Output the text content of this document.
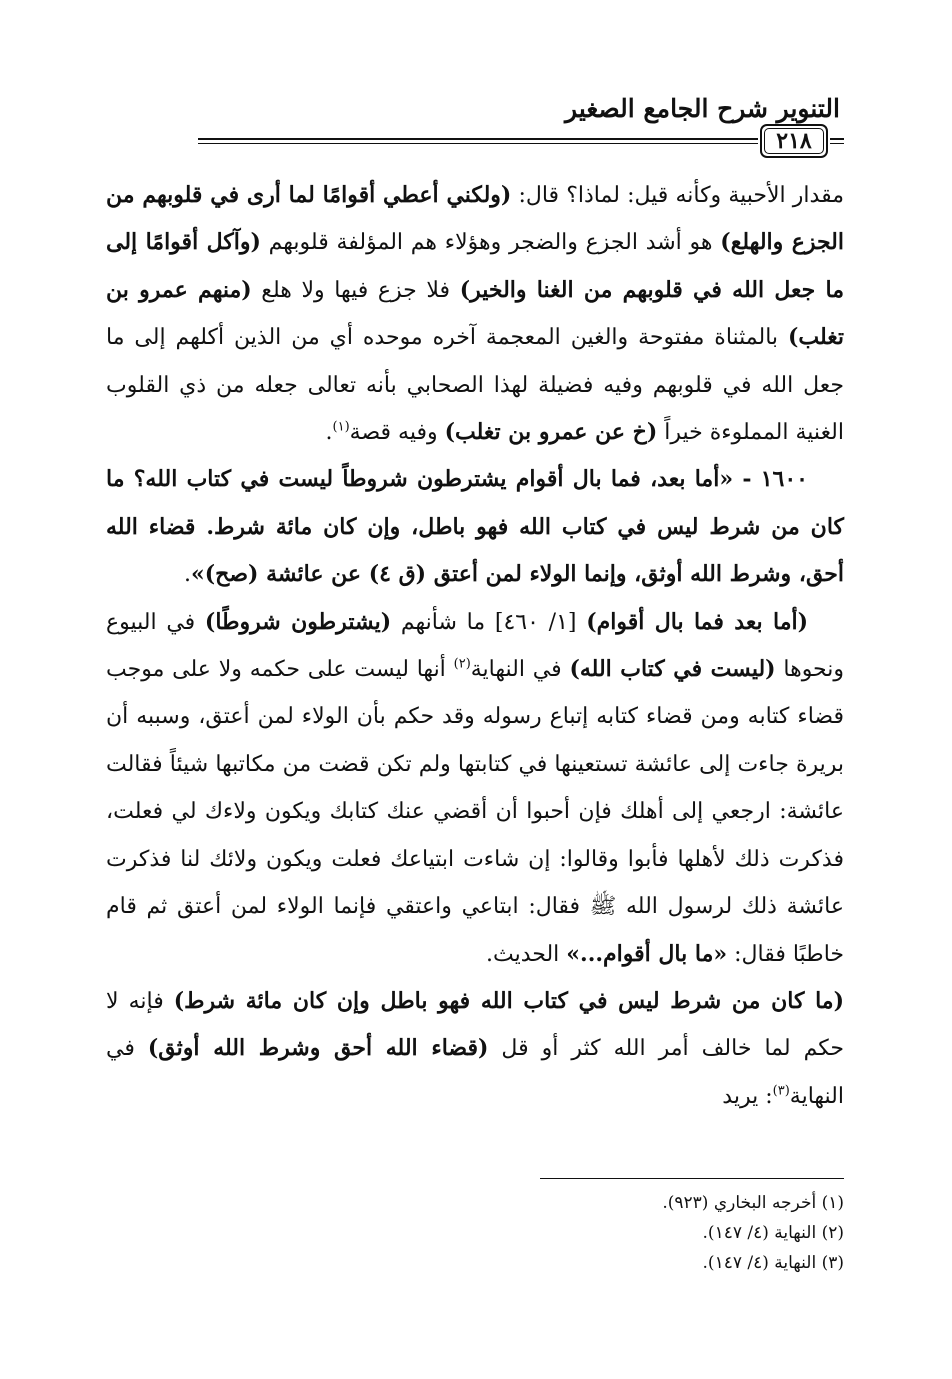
التنوير شرح الجامع الصغير
٢١٨

مقدار الأحبية وكأنه قيل: لماذا؟ قال: (ولكني أعطي أقوامًا لما أرى في قلوبهم من الجزع والهلع) هو أشد الجزع والضجر وهؤلاء هم المؤلفة قلوبهم (وآكل أقوامًا إلى ما جعل الله في قلوبهم من الغنا والخير) فلا جزع فيها ولا هلع (منهم عمرو بن تغلب) بالمثناة مفتوحة والغين المعجمة آخره موحده أي من الذين أكلهم إلى ما جعل الله في قلوبهم وفيه فضيلة لهذا الصحابي بأنه تعالى جعله من ذي القلوب الغنية المملوءة خيراً (خ عن عمرو بن تغلب) وفيه قصة$^{(١)}$.

١٦٠٠ - «أما بعد، فما بال أقوام يشترطون شروطاً ليست في كتاب الله؟ ما كان من شرط ليس في كتاب الله فهو باطل، وإن كان مائة شرط. قضاء الله أحق، وشرط الله أوثق، وإنما الولاء لمن أعتق (ق ٤) عن عائشة (صح)».

(أما بعد فما بال أقوام) [١/ ٤٦٠] ما شأنهم (يشترطون شروطًا) في البيوع ونحوها (ليست في كتاب الله) في النهاية$^{(٢)}$ أنها ليست على حكمه ولا على موجب قضاء كتابه ومن قضاء كتابه إتباع رسوله وقد حكم بأن الولاء لمن أعتق، وسببه أن بريرة جاءت إلى عائشة تستعينها في كتابتها ولم تكن قضت من مكاتبها شيئاً فقالت عائشة: ارجعي إلى أهلك فإن أحبوا أن أقضي عنك كتابك ويكون ولاءك لي فعلت، فذكرت ذلك لأهلها فأبوا وقالوا: إن شاءت ابتياعك فعلت ويكون ولائك لنا فذكرت عائشة ذلك لرسول الله ﷺ فقال: ابتاعي واعتقي فإنما الولاء لمن أعتق ثم قام خاطبًا فقال: «ما بال أقوام...» الحديث.

(ما كان من شرط ليس في كتاب الله فهو باطل وإن كان مائة شرط) فإنه لا حكم لما خالف أمر الله كثر أو قل (قضاء الله أحق وشرط الله أوثق) في النهاية$^{(٣)}$: يريد

(١) أخرجه البخاري (٩٢٣).

(٢) النهاية (٤/ ١٤٧).

(٣) النهاية (٤/ ١٤٧).
